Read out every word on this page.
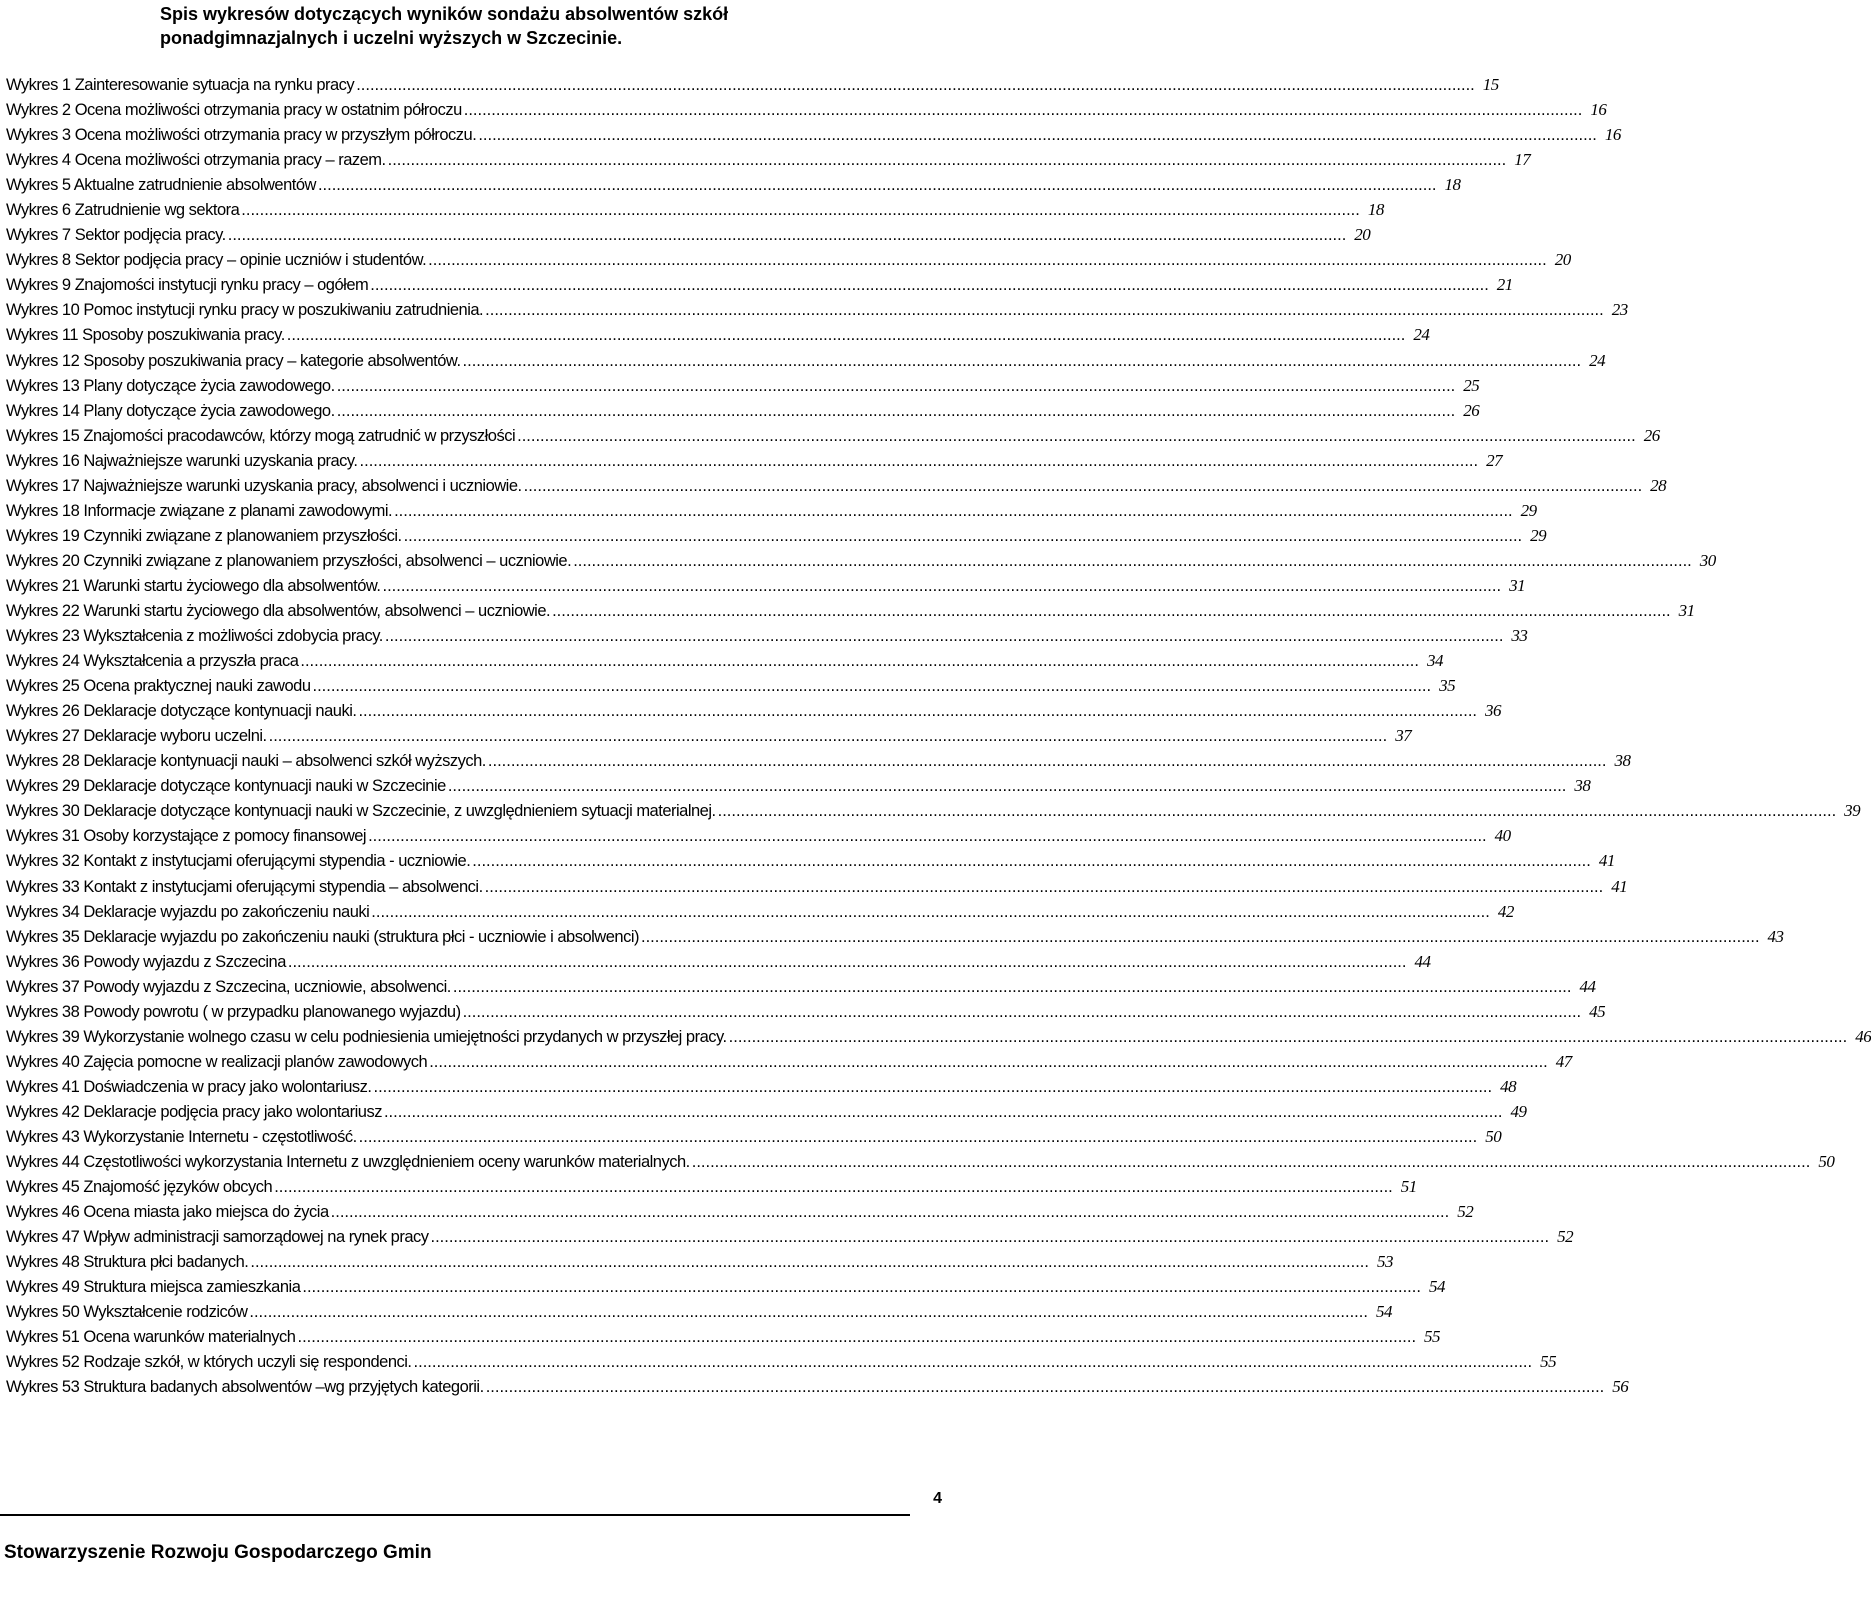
Spis wykresów dotyczących wyników sondażu absolwentów szkół ponadgimnazjalnych i uczelni wyższych w Szczecinie.
Wykres 1 Zainteresowanie sytuacja na rynku pracy .....	15
Wykres 2 Ocena możliwości otrzymania pracy w ostatnim półroczu .....	16
Wykres 3 Ocena możliwości otrzymania pracy w przyszłym półroczu. .....	16
Wykres 4 Ocena możliwości otrzymania pracy – razem. .....	17
Wykres 5 Aktualne zatrudnienie absolwentów .....	18
Wykres 6 Zatrudnienie wg sektora .....	18
Wykres 7 Sektor podjęcia pracy. .....	20
Wykres 8 Sektor podjęcia pracy – opinie uczniów i studentów. .....	20
Wykres 9 Znajomości instytucji rynku pracy – ogółem .....	21
Wykres 10 Pomoc instytucji rynku pracy w poszukiwaniu zatrudnienia. .....	23
Wykres 11 Sposoby poszukiwania pracy. .....	24
Wykres 12 Sposoby poszukiwania pracy – kategorie absolwentów. .....	24
Wykres 13 Plany dotyczące życia zawodowego. .....	25
Wykres 14 Plany dotyczące życia zawodowego. .....	26
Wykres 15 Znajomości pracodawców, którzy mogą zatrudnić w przyszłości .....	26
Wykres 16 Najważniejsze warunki uzyskania pracy. .....	27
Wykres 17 Najważniejsze warunki uzyskania pracy, absolwenci i uczniowie. .....	28
Wykres 18 Informacje związane z planami zawodowymi. .....	29
Wykres 19 Czynniki związane z planowaniem przyszłości. .....	29
Wykres 20 Czynniki związane z planowaniem przyszłości, absolwenci – uczniowie. .....	30
Wykres 21 Warunki startu życiowego dla absolwentów. .....	31
Wykres 22 Warunki startu życiowego dla absolwentów, absolwenci – uczniowie. .....	31
Wykres 23 Wykształcenia z możliwości zdobycia pracy. .....	33
Wykres 24 Wykształcenia a przyszła praca .....	34
Wykres 25 Ocena praktycznej nauki zawodu .....	35
Wykres 26 Deklaracje dotyczące kontynuacji nauki. .....	36
Wykres 27 Deklaracje wyboru uczelni. .....	37
Wykres 28 Deklaracje kontynuacji nauki – absolwenci szkół wyższych. .....	38
Wykres 29 Deklaracje dotyczące kontynuacji nauki w Szczecinie .....	38
Wykres 30 Deklaracje dotyczące kontynuacji nauki w Szczecinie, z uwzględnieniem sytuacji materialnej. .....	39
Wykres 31 Osoby korzystające z pomocy finansowej .....	40
Wykres 32 Kontakt z instytucjami oferującymi stypendia - uczniowie. .....	41
Wykres 33 Kontakt z instytucjami oferującymi stypendia – absolwenci. .....	41
Wykres 34 Deklaracje wyjazdu po zakończeniu nauki .....	42
Wykres 35 Deklaracje wyjazdu po zakończeniu nauki (struktura płci - uczniowie i absolwenci) .....	43
Wykres 36 Powody wyjazdu z Szczecina .....	44
Wykres 37 Powody wyjazdu z Szczecina, uczniowie, absolwenci. .....	44
Wykres 38 Powody powrotu ( w przypadku planowanego wyjazdu) .....	45
Wykres 39 Wykorzystanie wolnego czasu w celu podniesienia umiejętności przydanych w przyszłej pracy. .....	46
Wykres 40 Zajęcia pomocne w realizacji planów zawodowych .....	47
Wykres 41 Doświadczenia w pracy jako wolontariusz. .....	48
Wykres 42 Deklaracje podjęcia pracy jako wolontariusz .....	49
Wykres 43 Wykorzystanie Internetu - częstotliwość. .....	50
Wykres 44 Częstotliwości wykorzystania Internetu z uwzględnieniem oceny warunków materialnych. .....	50
Wykres 45 Znajomość języków obcych .....	51
Wykres 46 Ocena miasta jako miejsca do życia .....	52
Wykres 47 Wpływ administracji samorządowej na rynek pracy .....	52
Wykres 48 Struktura płci badanych. .....	53
Wykres 49 Struktura miejsca zamieszkania .....	54
Wykres 50 Wykształcenie rodziców .....	54
Wykres 51 Ocena warunków materialnych .....	55
Wykres 52 Rodzaje szkół, w których uczyli się respondenci. .....	55
Wykres 53 Struktura badanych absolwentów –wg przyjętych kategorii. .....	56
4
Stowarzyszenie Rozwoju Gospodarczego Gmin
